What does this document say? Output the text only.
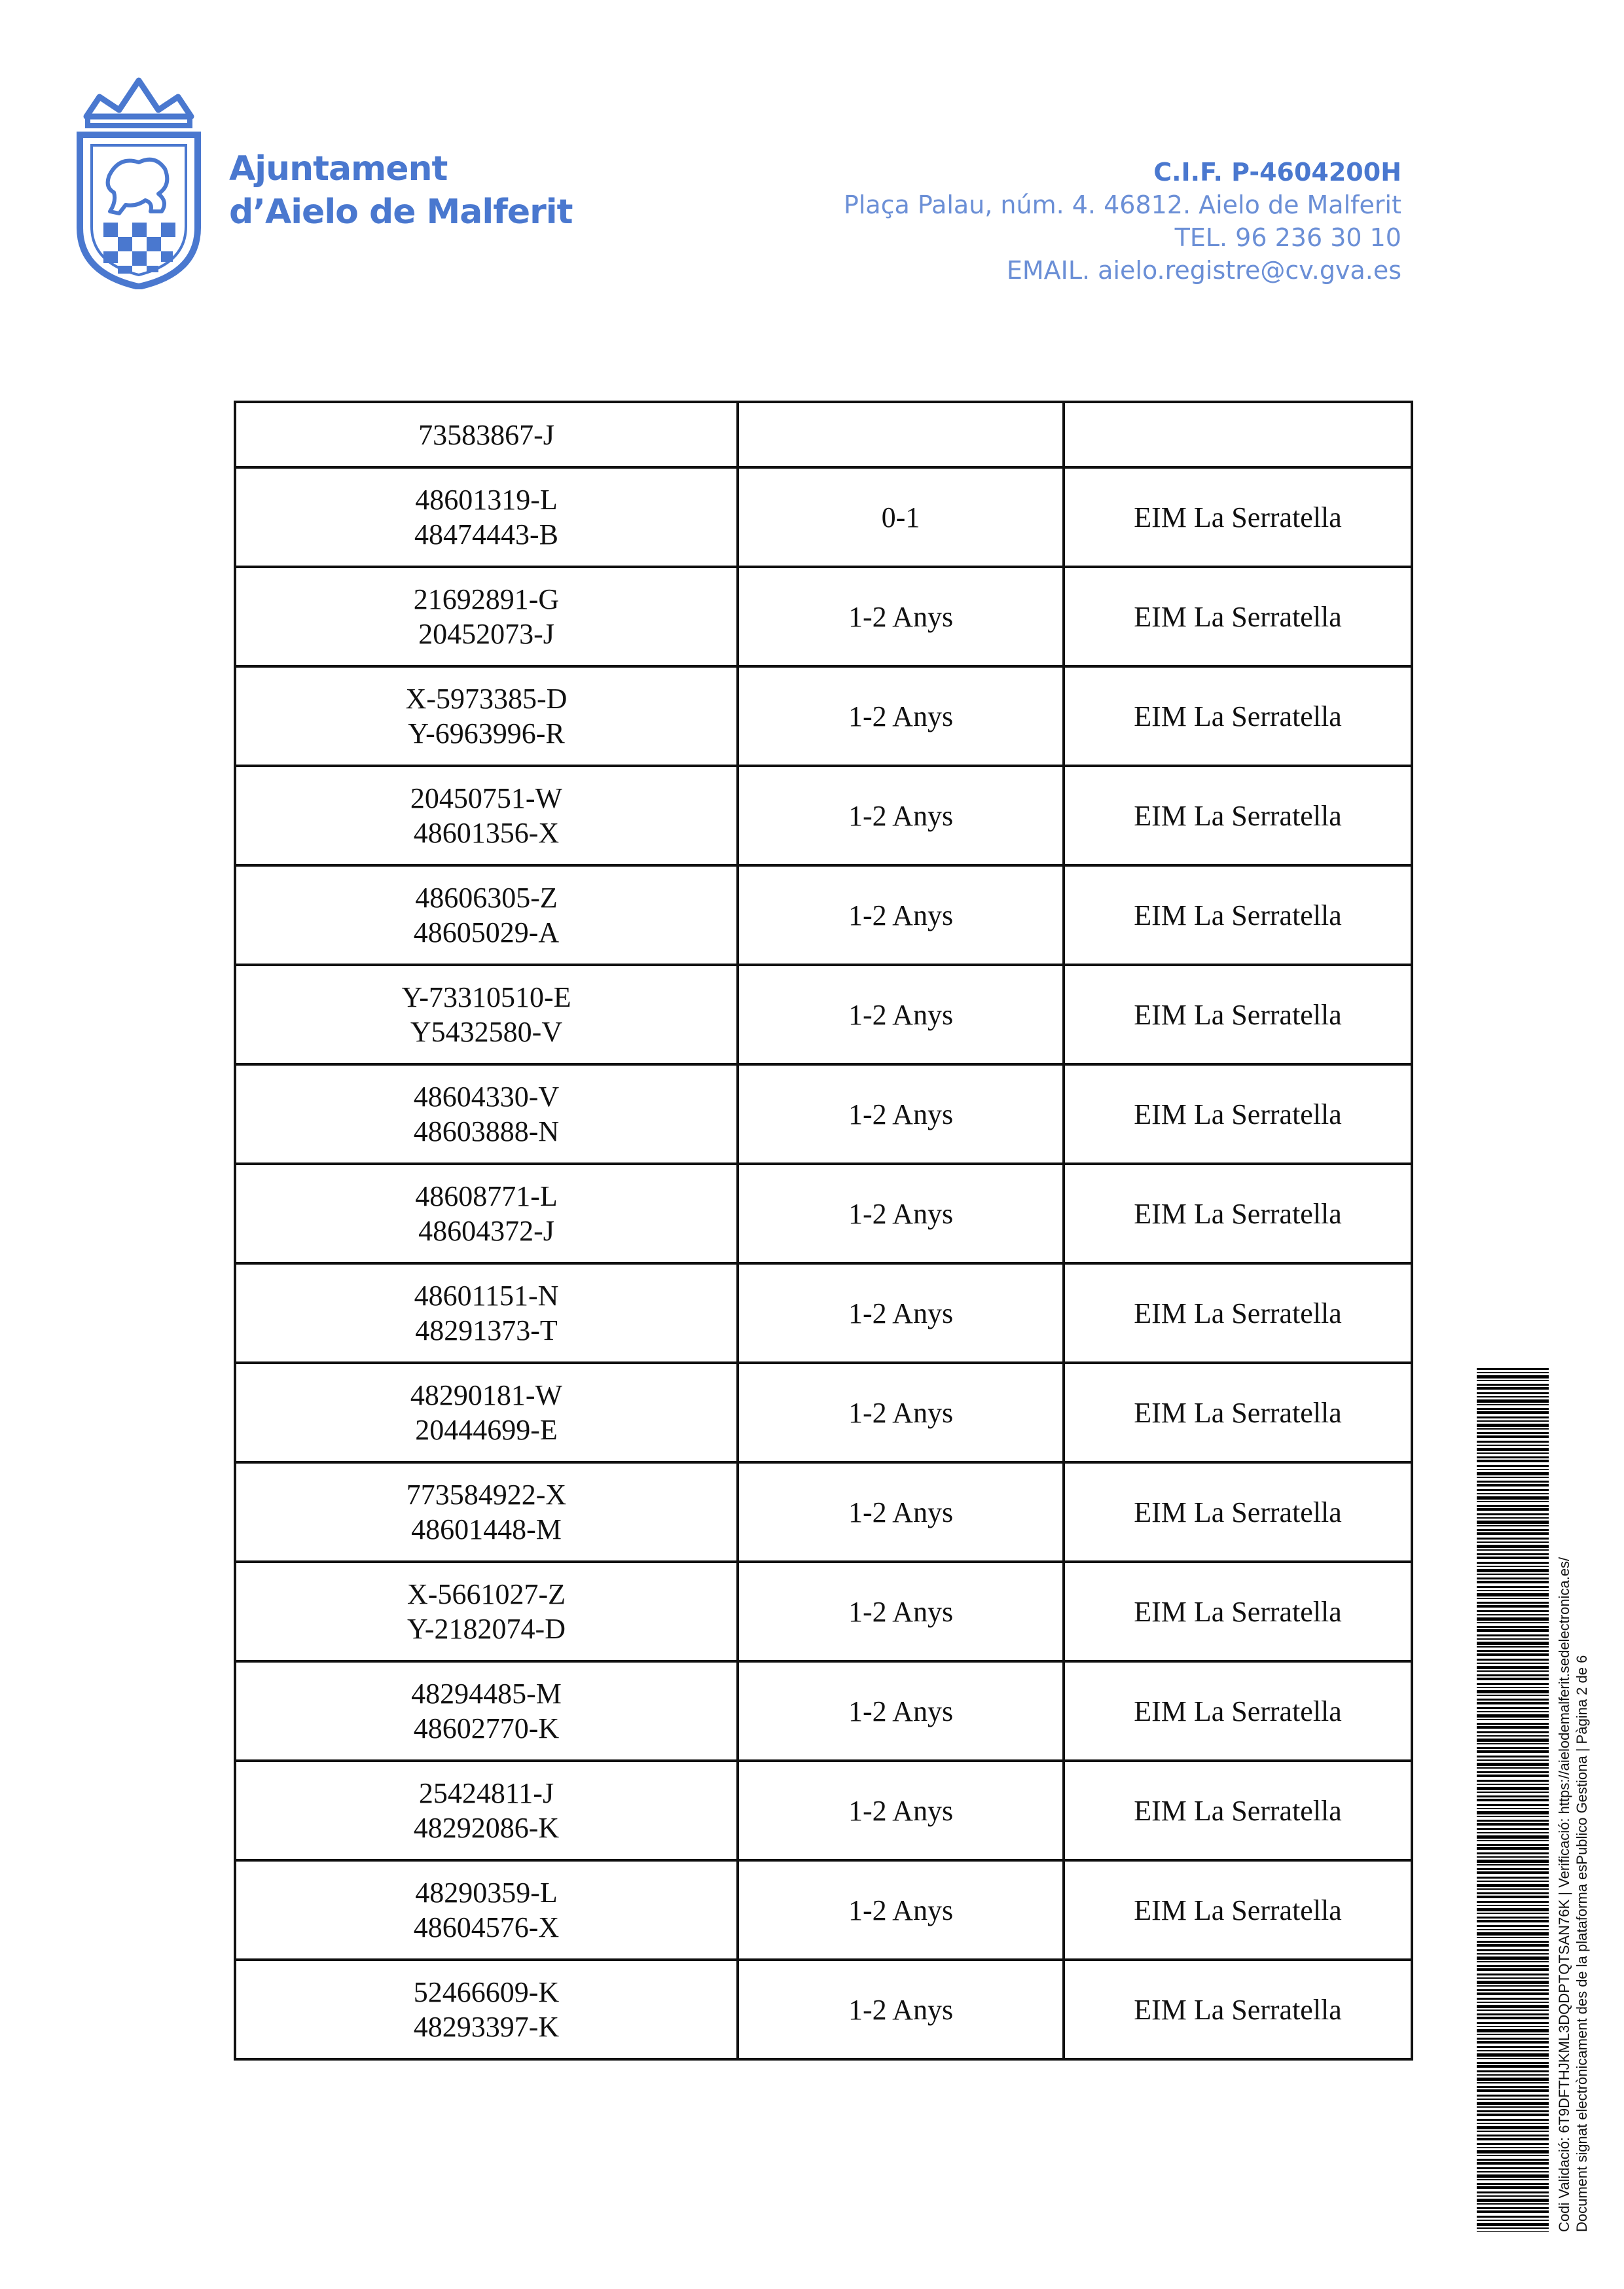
Ajuntament
d’Aielo de Malferit
C.I.F. P-4604200H
Plaça Palau, núm. 4. 46812. Aielo de Malferit
TEL. 96 236 30 10
EMAIL. aielo.registre@cv.gva.es
73583867-J		

48601319-L
48474443-B	0-1	EIM La Serratella

21692891-G
20452073-J	1-2 Anys	EIM La Serratella

X-5973385-D
Y-6963996-R	1-2 Anys	EIM La Serratella

20450751-W
48601356-X	1-2 Anys	EIM La Serratella

48606305-Z
48605029-A	1-2 Anys	EIM La Serratella

Y-73310510-E
Y5432580-V	1-2 Anys	EIM La Serratella

48604330-V
48603888-N	1-2 Anys	EIM La Serratella

48608771-L
48604372-J	1-2 Anys	EIM La Serratella

48601151-N
48291373-T	1-2 Anys	EIM La Serratella

48290181-W
20444699-E	1-2 Anys	EIM La Serratella

773584922-X
48601448-M	1-2 Anys	EIM La Serratella

X-5661027-Z
Y-2182074-D	1-2 Anys	EIM La Serratella

48294485-M
48602770-K	1-2 Anys	EIM La Serratella

25424811-J
48292086-K	1-2 Anys	EIM La Serratella

48290359-L
48604576-X	1-2 Anys	EIM La Serratella

52466609-K
48293397-K	1-2 Anys	EIM La Serratella	Codi Validació: 6T9DFTHJKML3DQDPTQTSAN76K | Verificació: https://aielodemalferit.sedelectronica.es/ Document signat electrònicament des de la plataforma esPublico Gestiona | Pàgina 2 de 6
